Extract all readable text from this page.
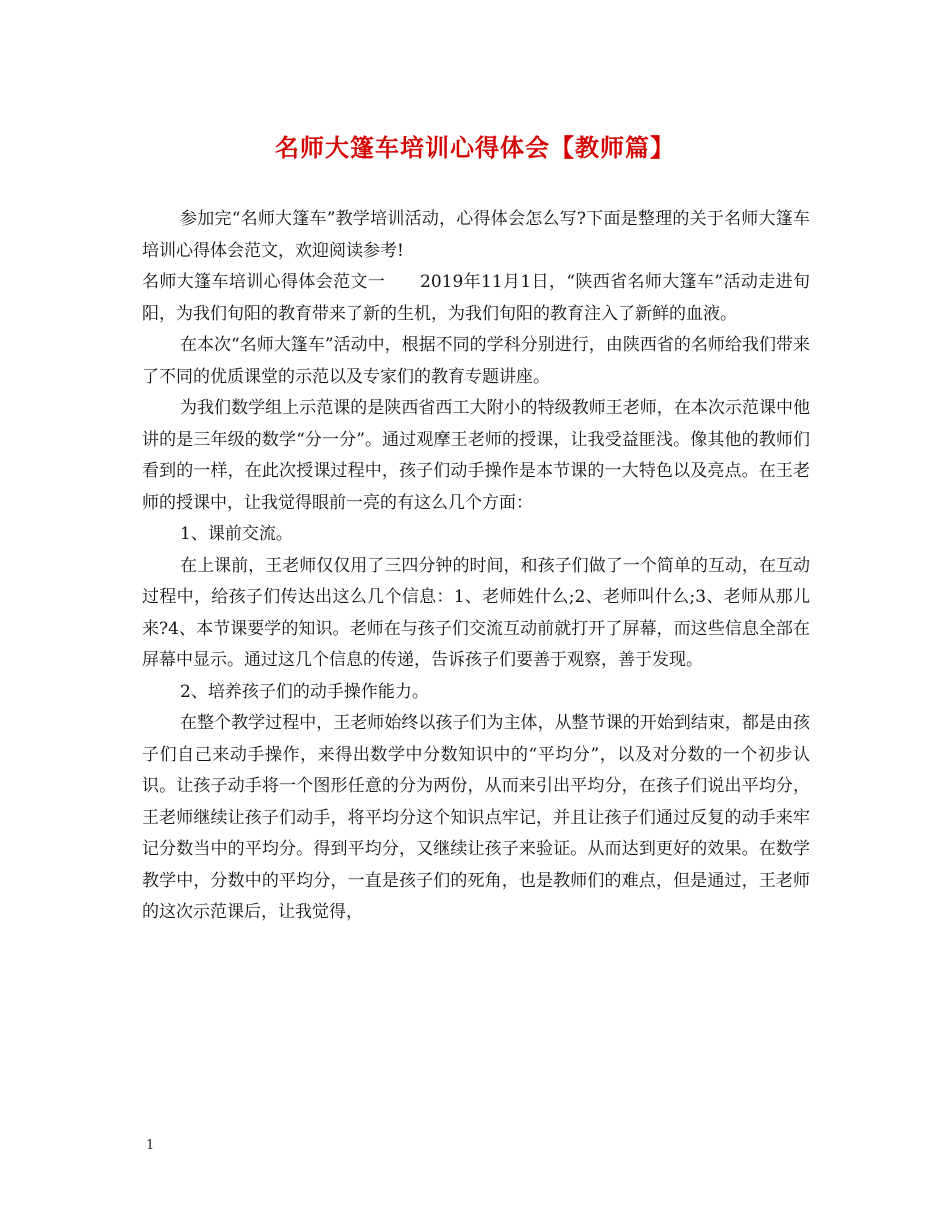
名师大篷车培训心得体会【教师篇】

参加完“名师大篷车”教学培训活动，心得体会怎么写?下面是整理的关于名师大篷车培训心得体会范文，欢迎阅读参考!

名师大篷车培训心得体会范文一　　2019年11月1日，“陕西省名师大篷车”活动走进旬阳，为我们旬阳的教育带来了新的生机，为我们旬阳的教育注入了新鲜的血液。

在本次“名师大篷车”活动中，根据不同的学科分别进行，由陕西省的名师给我们带来了不同的优质课堂的示范以及专家们的教育专题讲座。

为我们数学组上示范课的是陕西省西工大附小的特级教师王老师，在本次示范课中他讲的是三年级的数学“分一分”。通过观摩王老师的授课，让我受益匪浅。像其他的教师们看到的一样，在此次授课过程中，孩子们动手操作是本节课的一大特色以及亮点。在王老师的授课中，让我觉得眼前一亮的有这么几个方面：

1、课前交流。

在上课前，王老师仅仅用了三四分钟的时间，和孩子们做了一个简单的互动，在互动过程中，给孩子们传达出这么几个信息：1、老师姓什么;2、老师叫什么;3、老师从那儿来?4、本节课要学的知识。老师在与孩子们交流互动前就打开了屏幕，而这些信息全部在屏幕中显示。通过这几个信息的传递，告诉孩子们要善于观察，善于发现。

2、培养孩子们的动手操作能力。

在整个教学过程中，王老师始终以孩子们为主体，从整节课的开始到结束，都是由孩子们自己来动手操作，来得出数学中分数知识中的“平均分”，以及对分数的一个初步认识。让孩子动手将一个图形任意的分为两份，从而来引出平均分，在孩子们说出平均分，王老师继续让孩子们动手，将平均分这个知识点牢记，并且让孩子们通过反复的动手来牢记分数当中的平均分。得到平均分，又继续让孩子来验证。从而达到更好的效果。在数学教学中，分数中的平均分，一直是孩子们的死角，也是教师们的难点，但是通过，王老师的这次示范课后，让我觉得，

1
